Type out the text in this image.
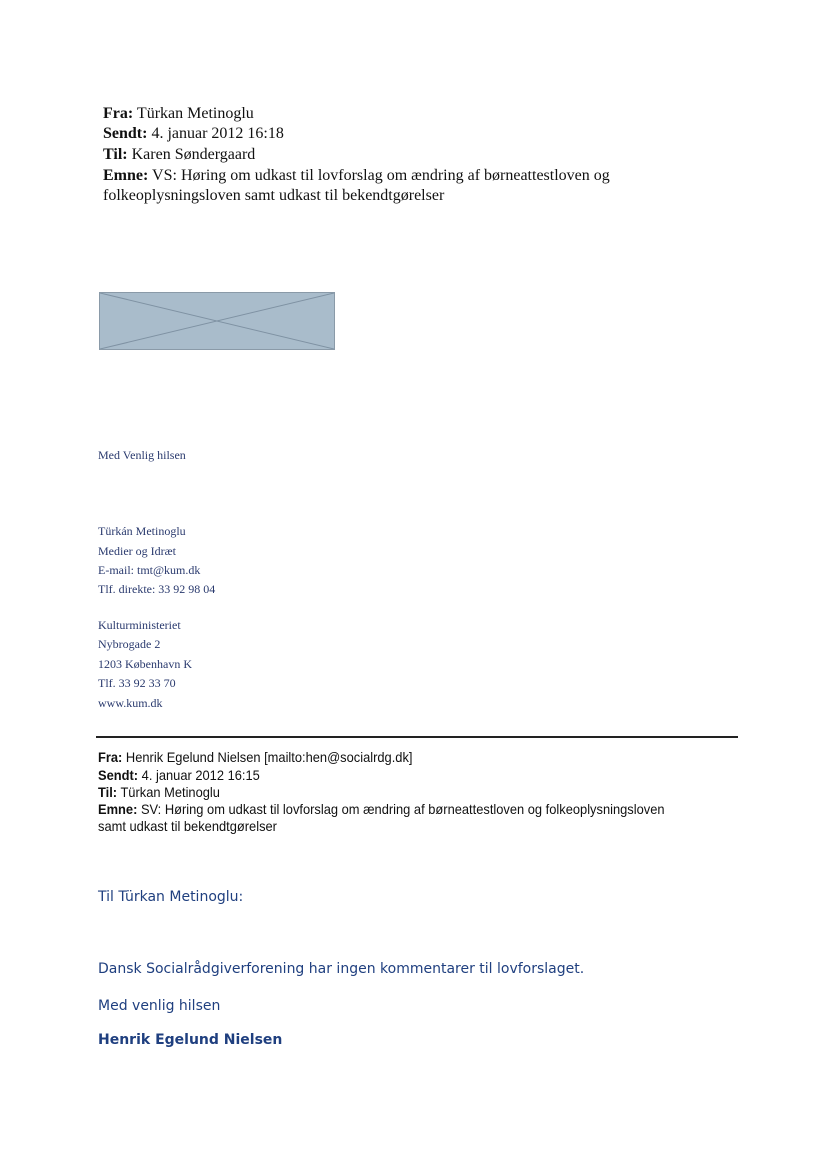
Fra: Türkan Metinoglu
Sendt: 4. januar 2012 16:18
Til: Karen Søndergaard
Emne: VS: Høring om udkast til lovforslag om ændring af børneattestloven og
folkeoplysningsloven samt udkast til bekendtgørelser
Med Venlig hilsen
Türkán Metinoglu
Medier og Idræt
E-mail: tmt@kum.dk
Tlf. direkte: 33 92 98 04
Kulturministeriet
Nybrogade 2
1203 København K
Tlf. 33 92 33 70
www.kum.dk
Fra: Henrik Egelund Nielsen [mailto:hen@socialrdg.dk]
Sendt: 4. januar 2012 16:15
Til: Türkan Metinoglu
Emne: SV: Høring om udkast til lovforslag om ændring af børneattestloven og folkeoplysningsloven
samt udkast til bekendtgørelser
Til Türkan Metinoglu:
Dansk Socialrådgiverforening har ingen kommentarer til lovforslaget.
Med venlig hilsen
Henrik Egelund Nielsen
